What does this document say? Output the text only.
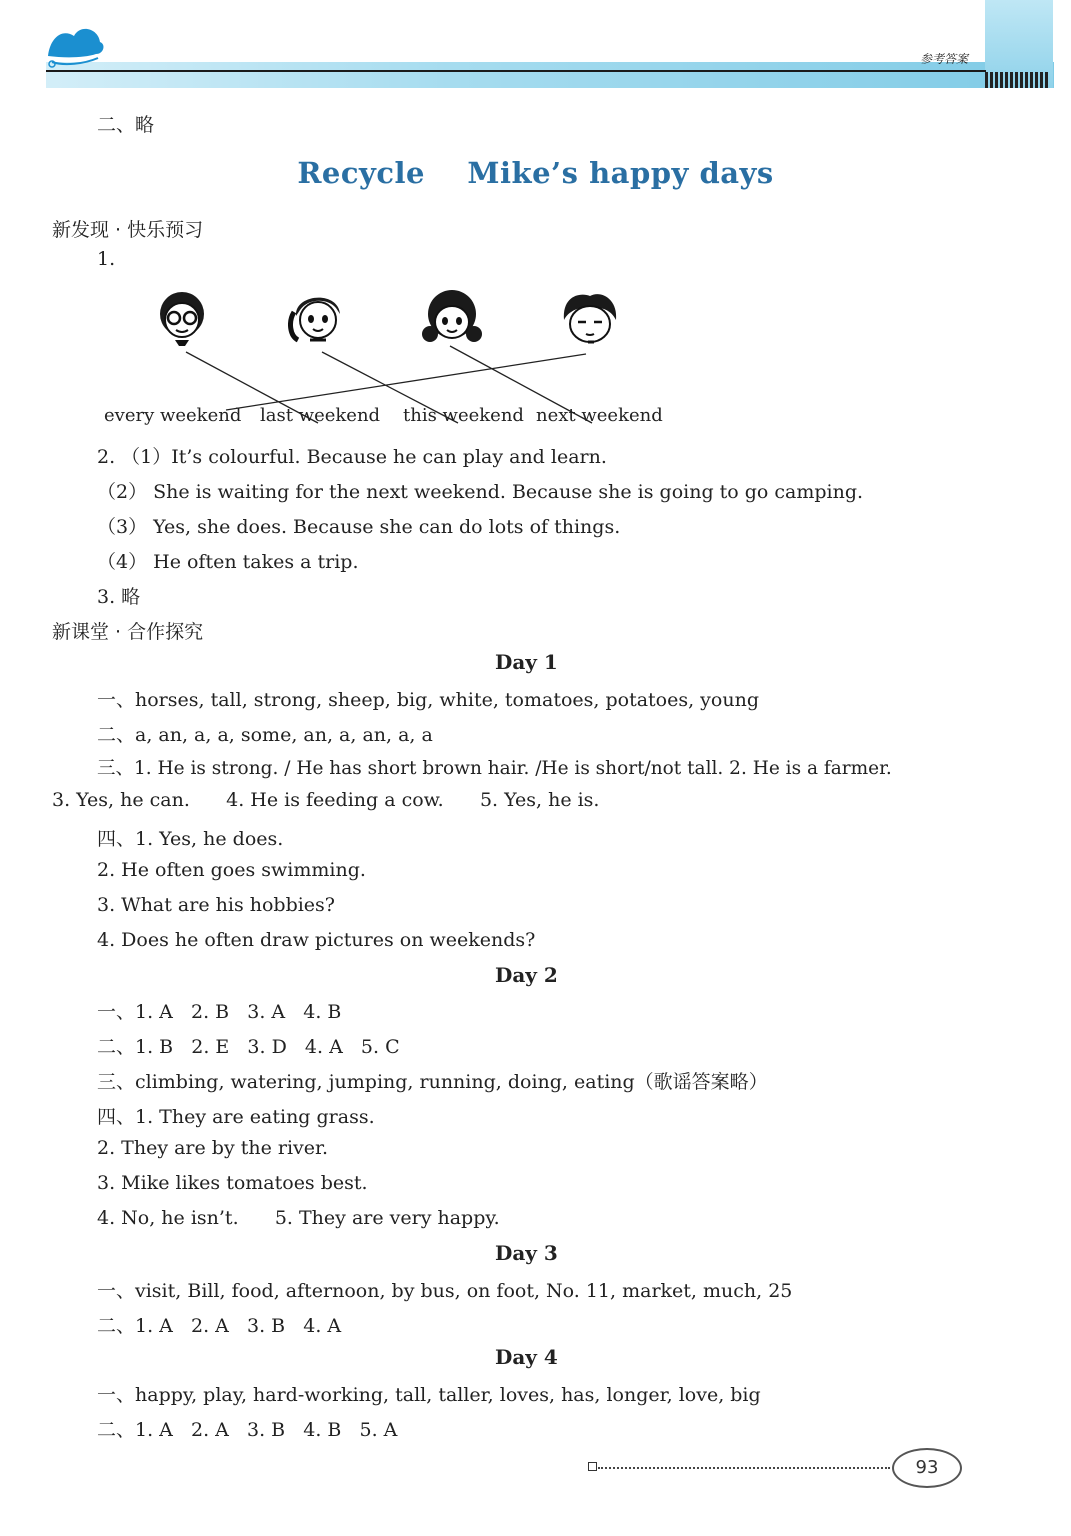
参考答案
二、略
Recycle    Mike’s happy days
新发现 · 快乐预习
1.
every weekend last weekend this weekend next weekend
2. （1）It’s colourful. Because he can play and learn.
（2） She is waiting for the next weekend. Because she is going to go camping.
（3） Yes, she does. Because she can do lots of things.
（4） He often takes a trip.
3. 略
新课堂 · 合作探究
Day 1
一、horses, tall, strong, sheep, big, white, tomatoes, potatoes, young
二、a, an, a, a, some, an, a, an, a, a
三、1. He is strong. / He has short brown hair. /He is short/not tall. 2. He is a farmer.
3. Yes, he can.      4. He is feeding a cow.      5. Yes, he is.
四、1. Yes, he does.
2. He often goes swimming.
3. What are his hobbies?
4. Does he often draw pictures on weekends?
Day 2
一、1. A   2. B   3. A   4. B
二、1. B   2. E   3. D   4. A   5. C
三、climbing, watering, jumping, running, doing, eating（歌谣答案略）
四、1. They are eating grass.
2. They are by the river.
3. Mike likes tomatoes best.
4. No, he isn’t.      5. They are very happy.
Day 3
一、visit, Bill, food, afternoon, by bus, on foot, No. 11, market, much, 25
二、1. A   2. A   3. B   4. A
Day 4
一、happy, play, hard-working, tall, taller, loves, has, longer, love, big
二、1. A   2. A   3. B   4. B   5. A
93
